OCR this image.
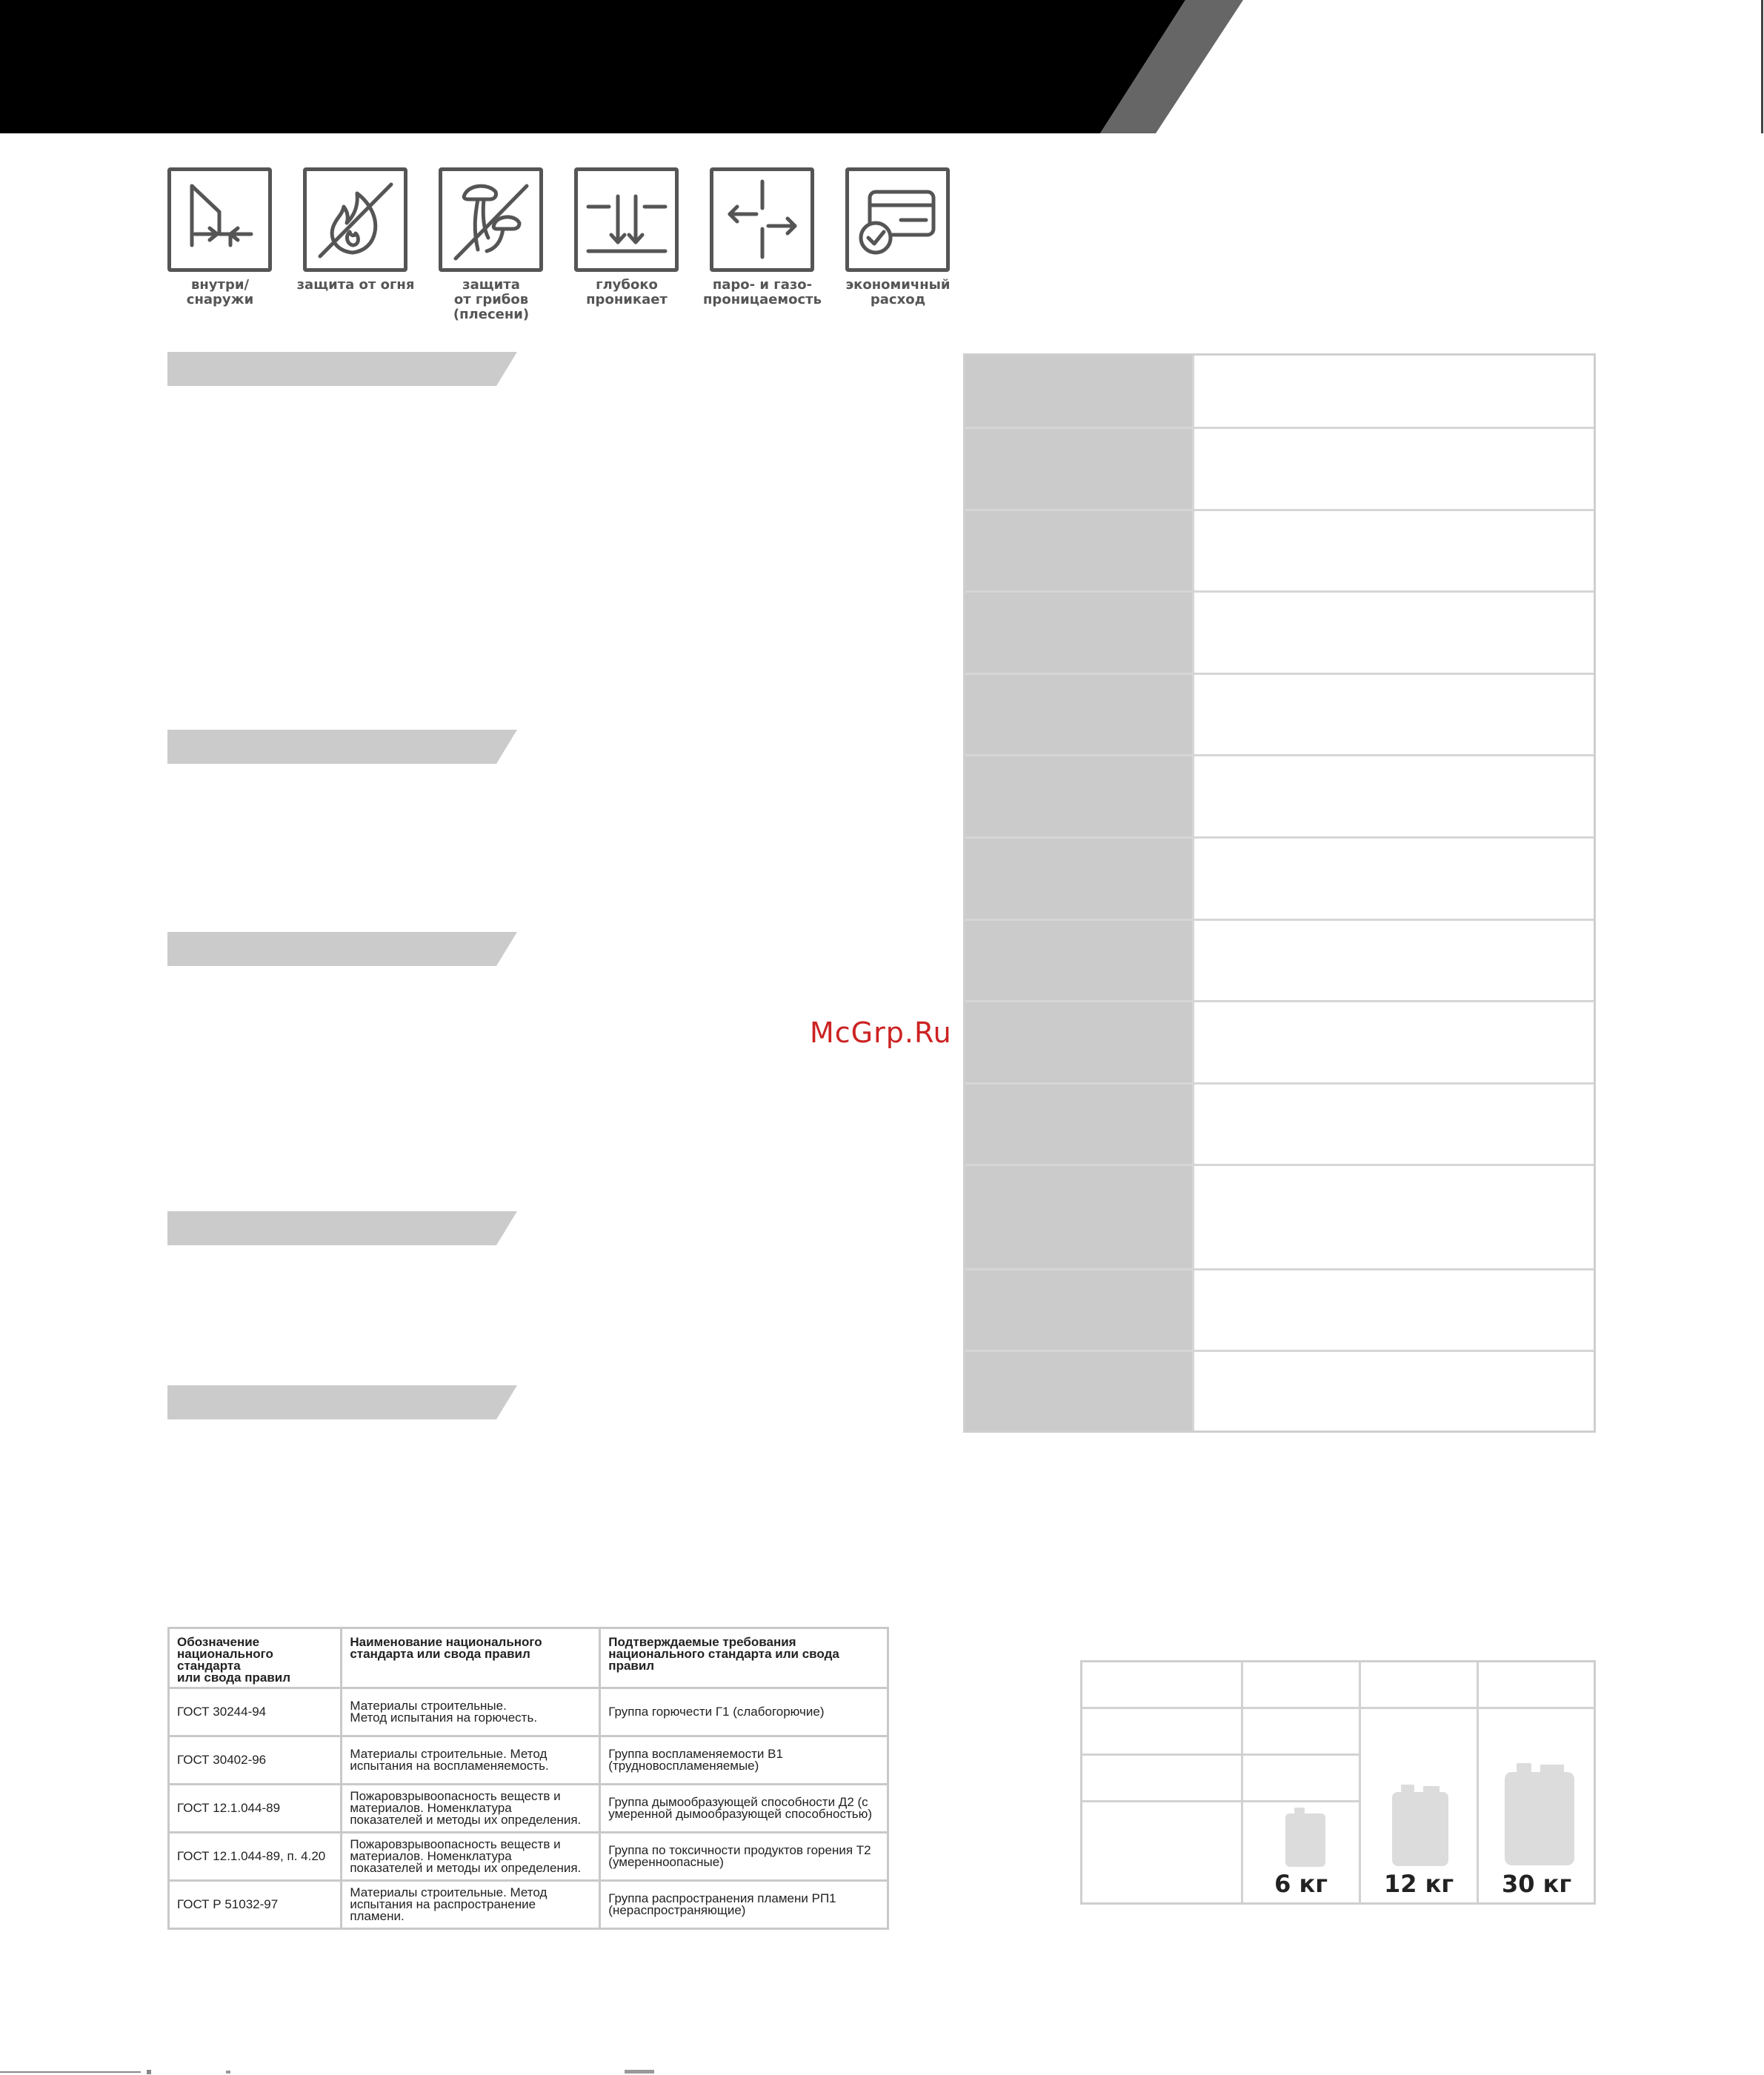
внутри/
снаружи
защита от огня	защита
от грибов
(плесени)
глубоко
проникает
паро- и газо-
проницаемость
экономичный
расход
McGrp.Ru
Обозначение
национального стандарта
или свода правил	Наименование национального
стандарта или свода правил	Подтверждаемые требования
национального стандарта или свода правил
ГОСТ 30244-94	Материалы строительные.
Метод испытания на горючесть.	Группа горючести Г1 (слабогорючие)
ГОСТ 30402-96	Материалы строительные. Метод
испытания на воспламеняемость.	Группа воспламеняемости В1
(трудновоспламеняемые)
ГОСТ 12.1.044-89	Пожаровзрывоопасность веществ и
материалов. Номенклатура
показателей и методы их определения.	Группа дымообразующей способности Д2 (с
умеренной дымообразующей способностью)
ГОСТ 12.1.044-89, п. 4.20	Пожаровзрывоопасность веществ и
материалов. Номенклатура
показателей и методы их определения.	Группа по токсичности продуктов горения Т2
(умереннoопасные)
ГОСТ Р 51032-97	Материалы строительные. Метод
испытания на распространение пламени.	Группа распространения пламени РП1
(нераспространяющие)
6 кг	12 кг	30 кг
